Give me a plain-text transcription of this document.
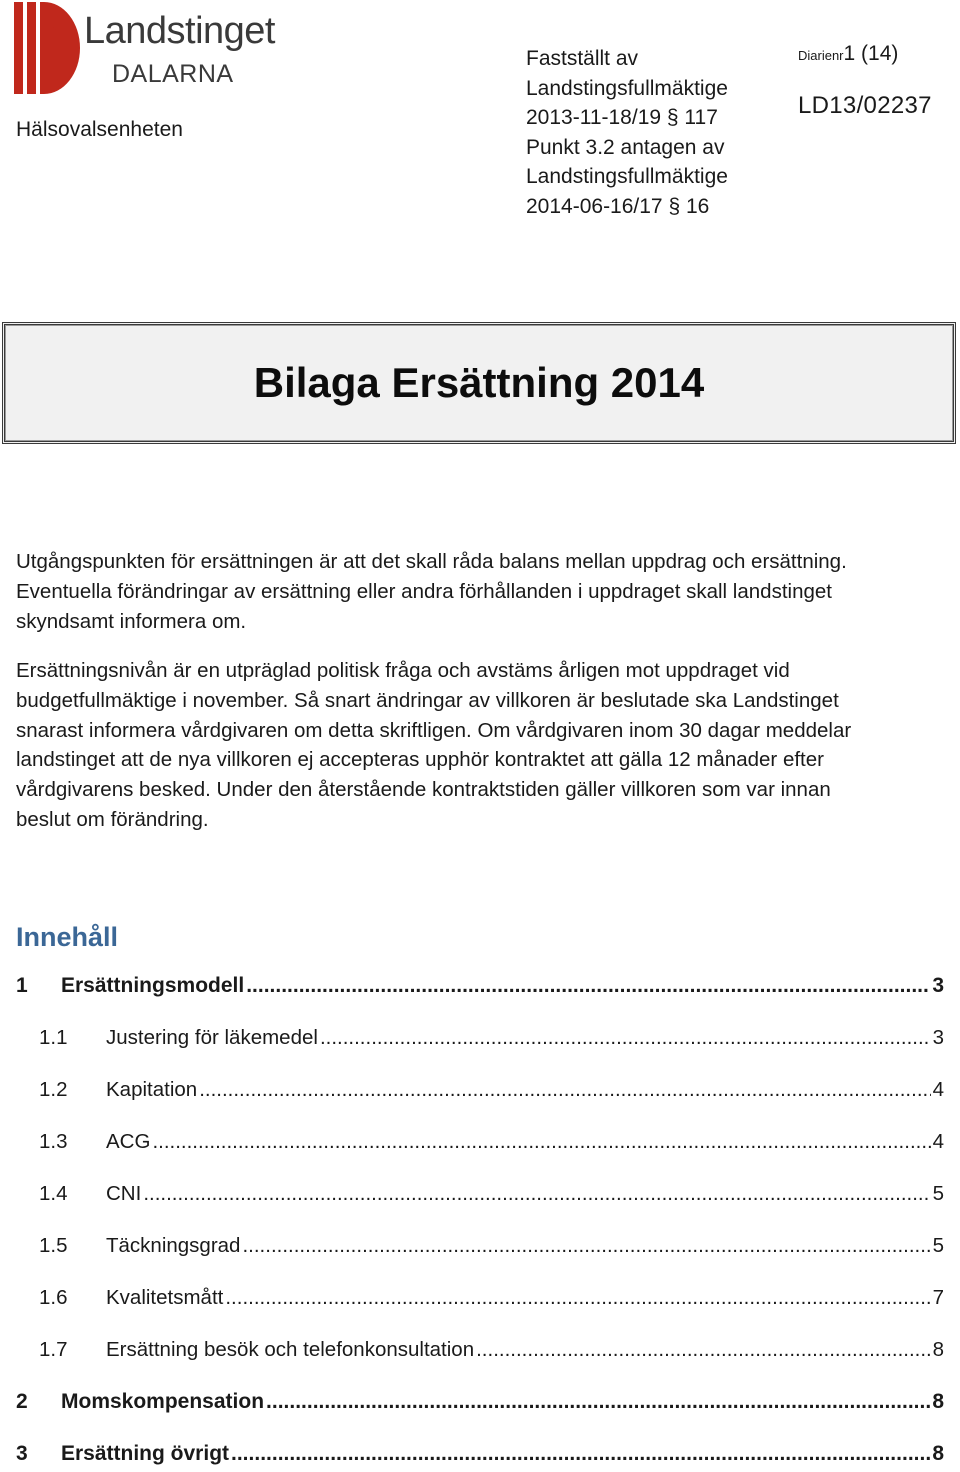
Landstinget
DALARNA
Hälsovalsenheten
Fastställt av
Landstingsfullmäktige
2013-11-18/19 § 117
Punkt 3.2 antagen av
Landstingsfullmäktige
2014-06-16/17 § 16
Diarienr1 (14)
LD13/02237
Bilaga Ersättning 2014
Utgångspunkten för ersättningen är att det skall råda balans mellan uppdrag och ersättning.
Eventuella förändringar av ersättning eller andra förhållanden i uppdraget skall landstinget
skyndsamt informera om.
Ersättningsnivån är en utpräglad politisk fråga och avstäms årligen mot uppdraget vid
budgetfullmäktige i november. Så snart ändringar av villkoren är beslutade ska Landstinget
snarast informera vårdgivaren om detta skriftligen. Om vårdgivaren inom 30 dagar meddelar
landstinget att de nya villkoren ej accepteras upphör kontraktet att gälla 12 månader efter
vårdgivarens besked. Under den återstående kontraktstiden gäller villkoren som var innan
beslut om förändring.
Innehåll
1	Ersättningsmodell .....	3
1.1	Justering för läkemedel .....	3
1.2	Kapitation .....	4
1.3	ACG .....	4
1.4	CNI .....	5
1.5	Täckningsgrad .....	5
1.6	Kvalitetsmått .....	7
1.7	Ersättning besök och telefonkonsultation .....	8
2	Momskompensation .....	8
3	Ersättning övrigt .....	8
